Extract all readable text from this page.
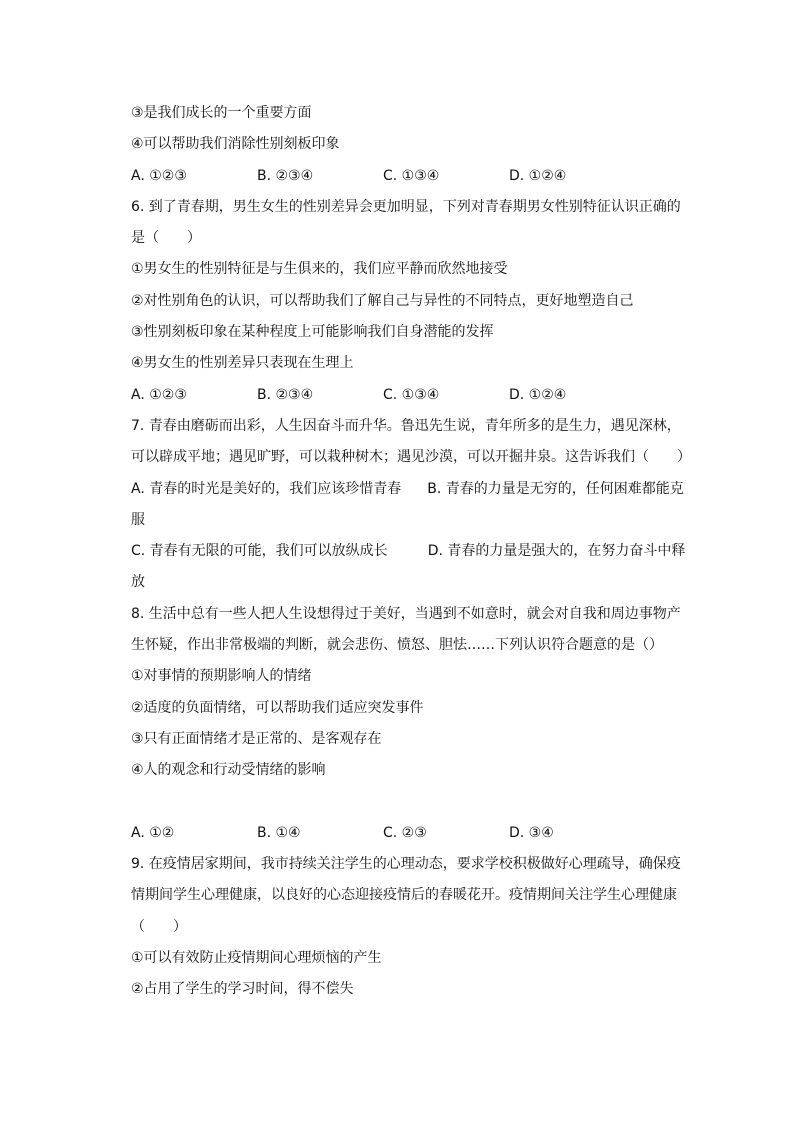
③是我们成长的一个重要方面
④可以帮助我们消除性别刻板印象
A. ①②③	B. ②③④	C. ①③④	D. ①②④
6. 到了青春期，男生女生的性别差异会更加明显，下列对青春期男女性别特征认识正确的
是（　　）
①男女生的性别特征是与生俱来的，我们应平静而欣然地接受
②对性别角色的认识，可以帮助我们了解自己与异性的不同特点，更好地塑造自己
③性别刻板印象在某种程度上可能影响我们自身潜能的发挥
④男女生的性别差异只表现在生理上
A. ①②③	B. ②③④	C. ①③④	D. ①②④
7. 青春由磨砺而出彩，人生因奋斗而升华。鲁迅先生说，青年所多的是生力，遇见深林，
可以辟成平地；遇见旷野，可以栽种树木；遇见沙漠，可以开掘井泉。这告诉我们（　　）
A. 青春的时光是美好的，我们应该珍惜青春 B. 青春的力量是无穷的，任何困难都能克
服
C. 青春有无限的可能，我们可以放纵成长	D. 青春的力量是强大的，在努力奋斗中释
放
8. 生活中总有一些人把人生设想得过于美好，当遇到不如意时，就会对自我和周边事物产
生怀疑，作出非常极端的判断，就会悲伤、愤怒、胆怯……下列认识符合题意的是（）
①对事情的预期影响人的情绪
②适度的负面情绪，可以帮助我们适应突发事件
③只有正面情绪才是正常的、是客观存在
④人的观念和行动受情绪的影响
A. ①②	B. ①④	C. ②③	D. ③④
9. 在疫情居家期间，我市持续关注学生的心理动态，要求学校积极做好心理疏导，确保疫
情期间学生心理健康，以良好的心态迎接疫情后的春暖花开。疫情期间关注学生心理健康
（　　）
①可以有效防止疫情期间心理烦恼的产生
②占用了学生的学习时间，得不偿失
